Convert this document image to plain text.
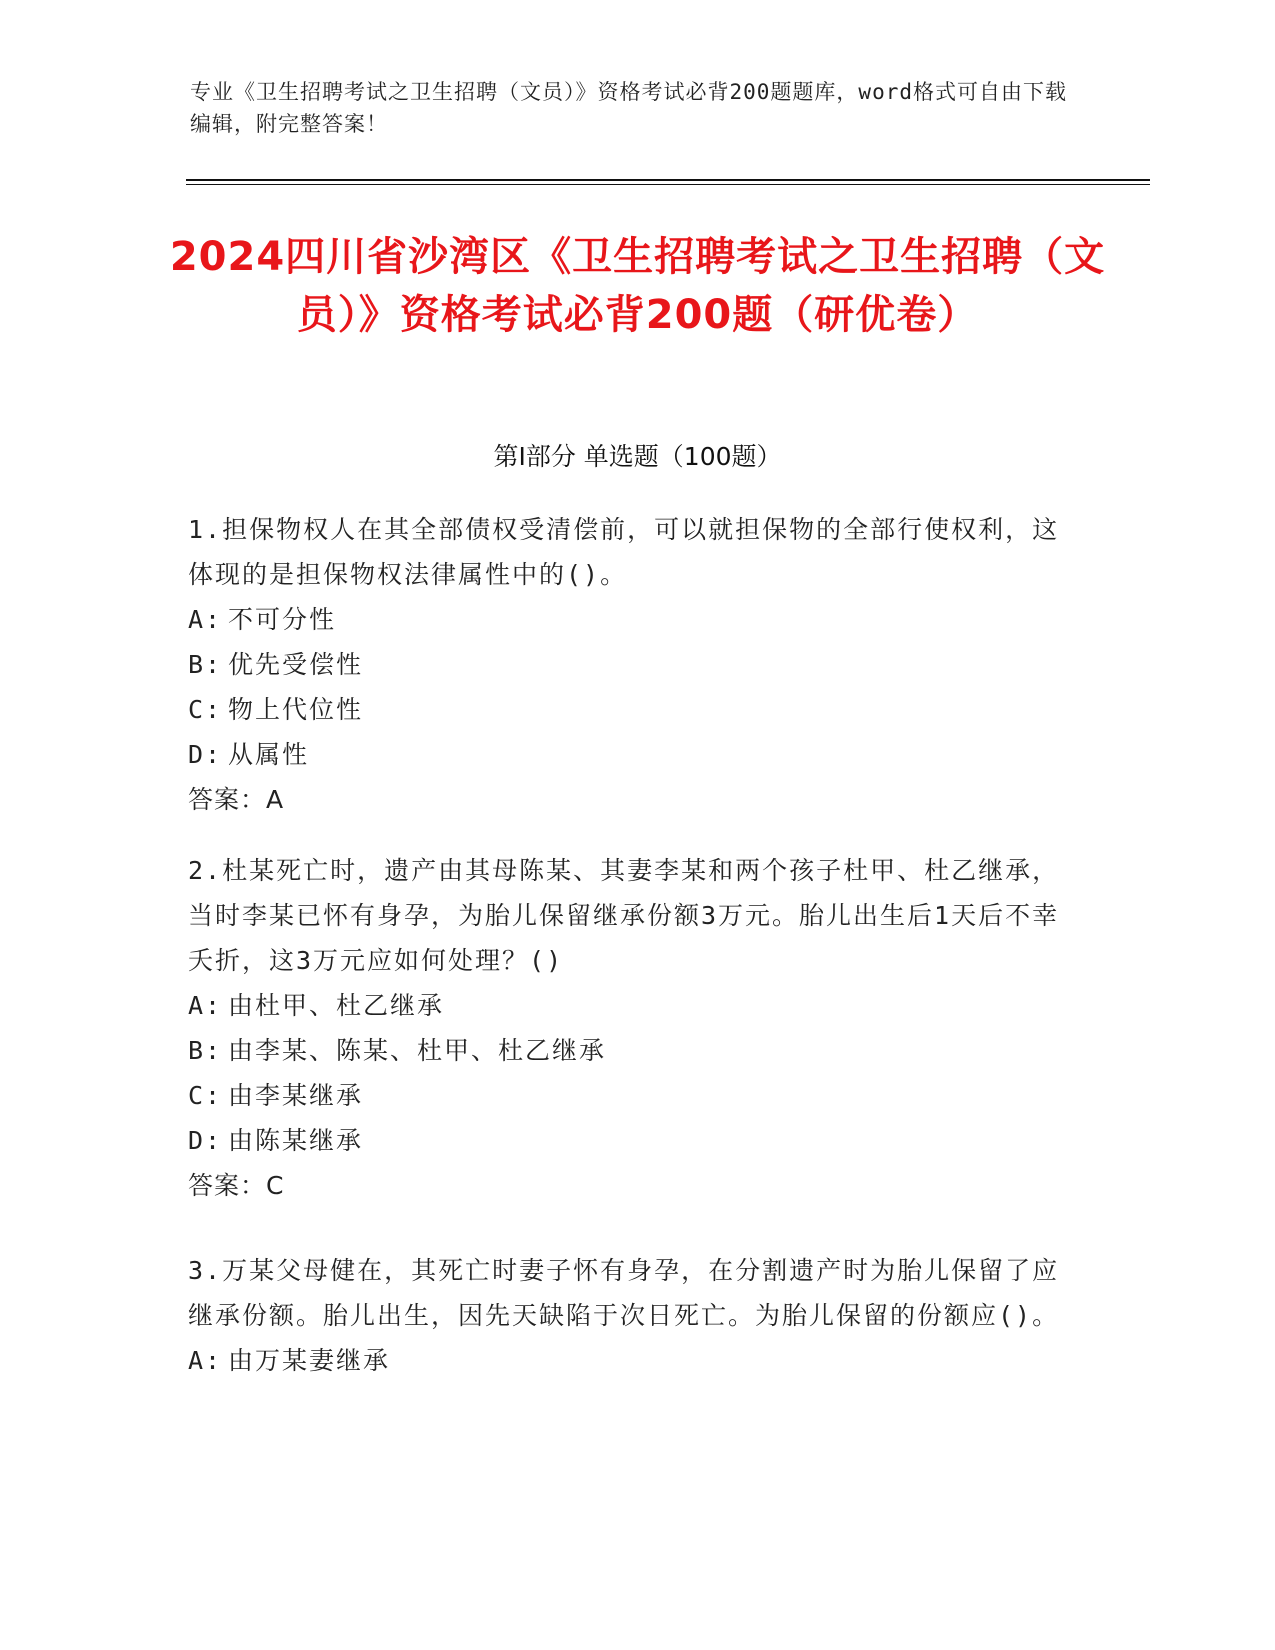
专业《卫生招聘考试之卫生招聘（文员）》资格考试必背200题题库，word格式可自由下载编辑，附完整答案！
2024四川省沙湾区《卫生招聘考试之卫生招聘（文员）》资格考试必背200题（研优卷）
第Ⅰ部分 单选题（100题）

1.担保物权人在其全部债权受清偿前，可以就担保物的全部行使权利，这体现的是担保物权法律属性中的()。

A: 不可分性

B: 优先受偿性

C: 物上代位性

D: 从属性

答案：A

2.杜某死亡时，遗产由其母陈某、其妻李某和两个孩子杜甲、杜乙继承，当时李某已怀有身孕，为胎儿保留继承份额3万元。胎儿出生后1天后不幸夭折，这3万元应如何处理？()

A: 由杜甲、杜乙继承

B: 由李某、陈某、杜甲、杜乙继承

C: 由李某继承

D: 由陈某继承

答案：C

3.万某父母健在，其死亡时妻子怀有身孕，在分割遗产时为胎儿保留了应继承份额。胎儿出生，因先天缺陷于次日死亡。为胎儿保留的份额应()。

A: 由万某妻继承
